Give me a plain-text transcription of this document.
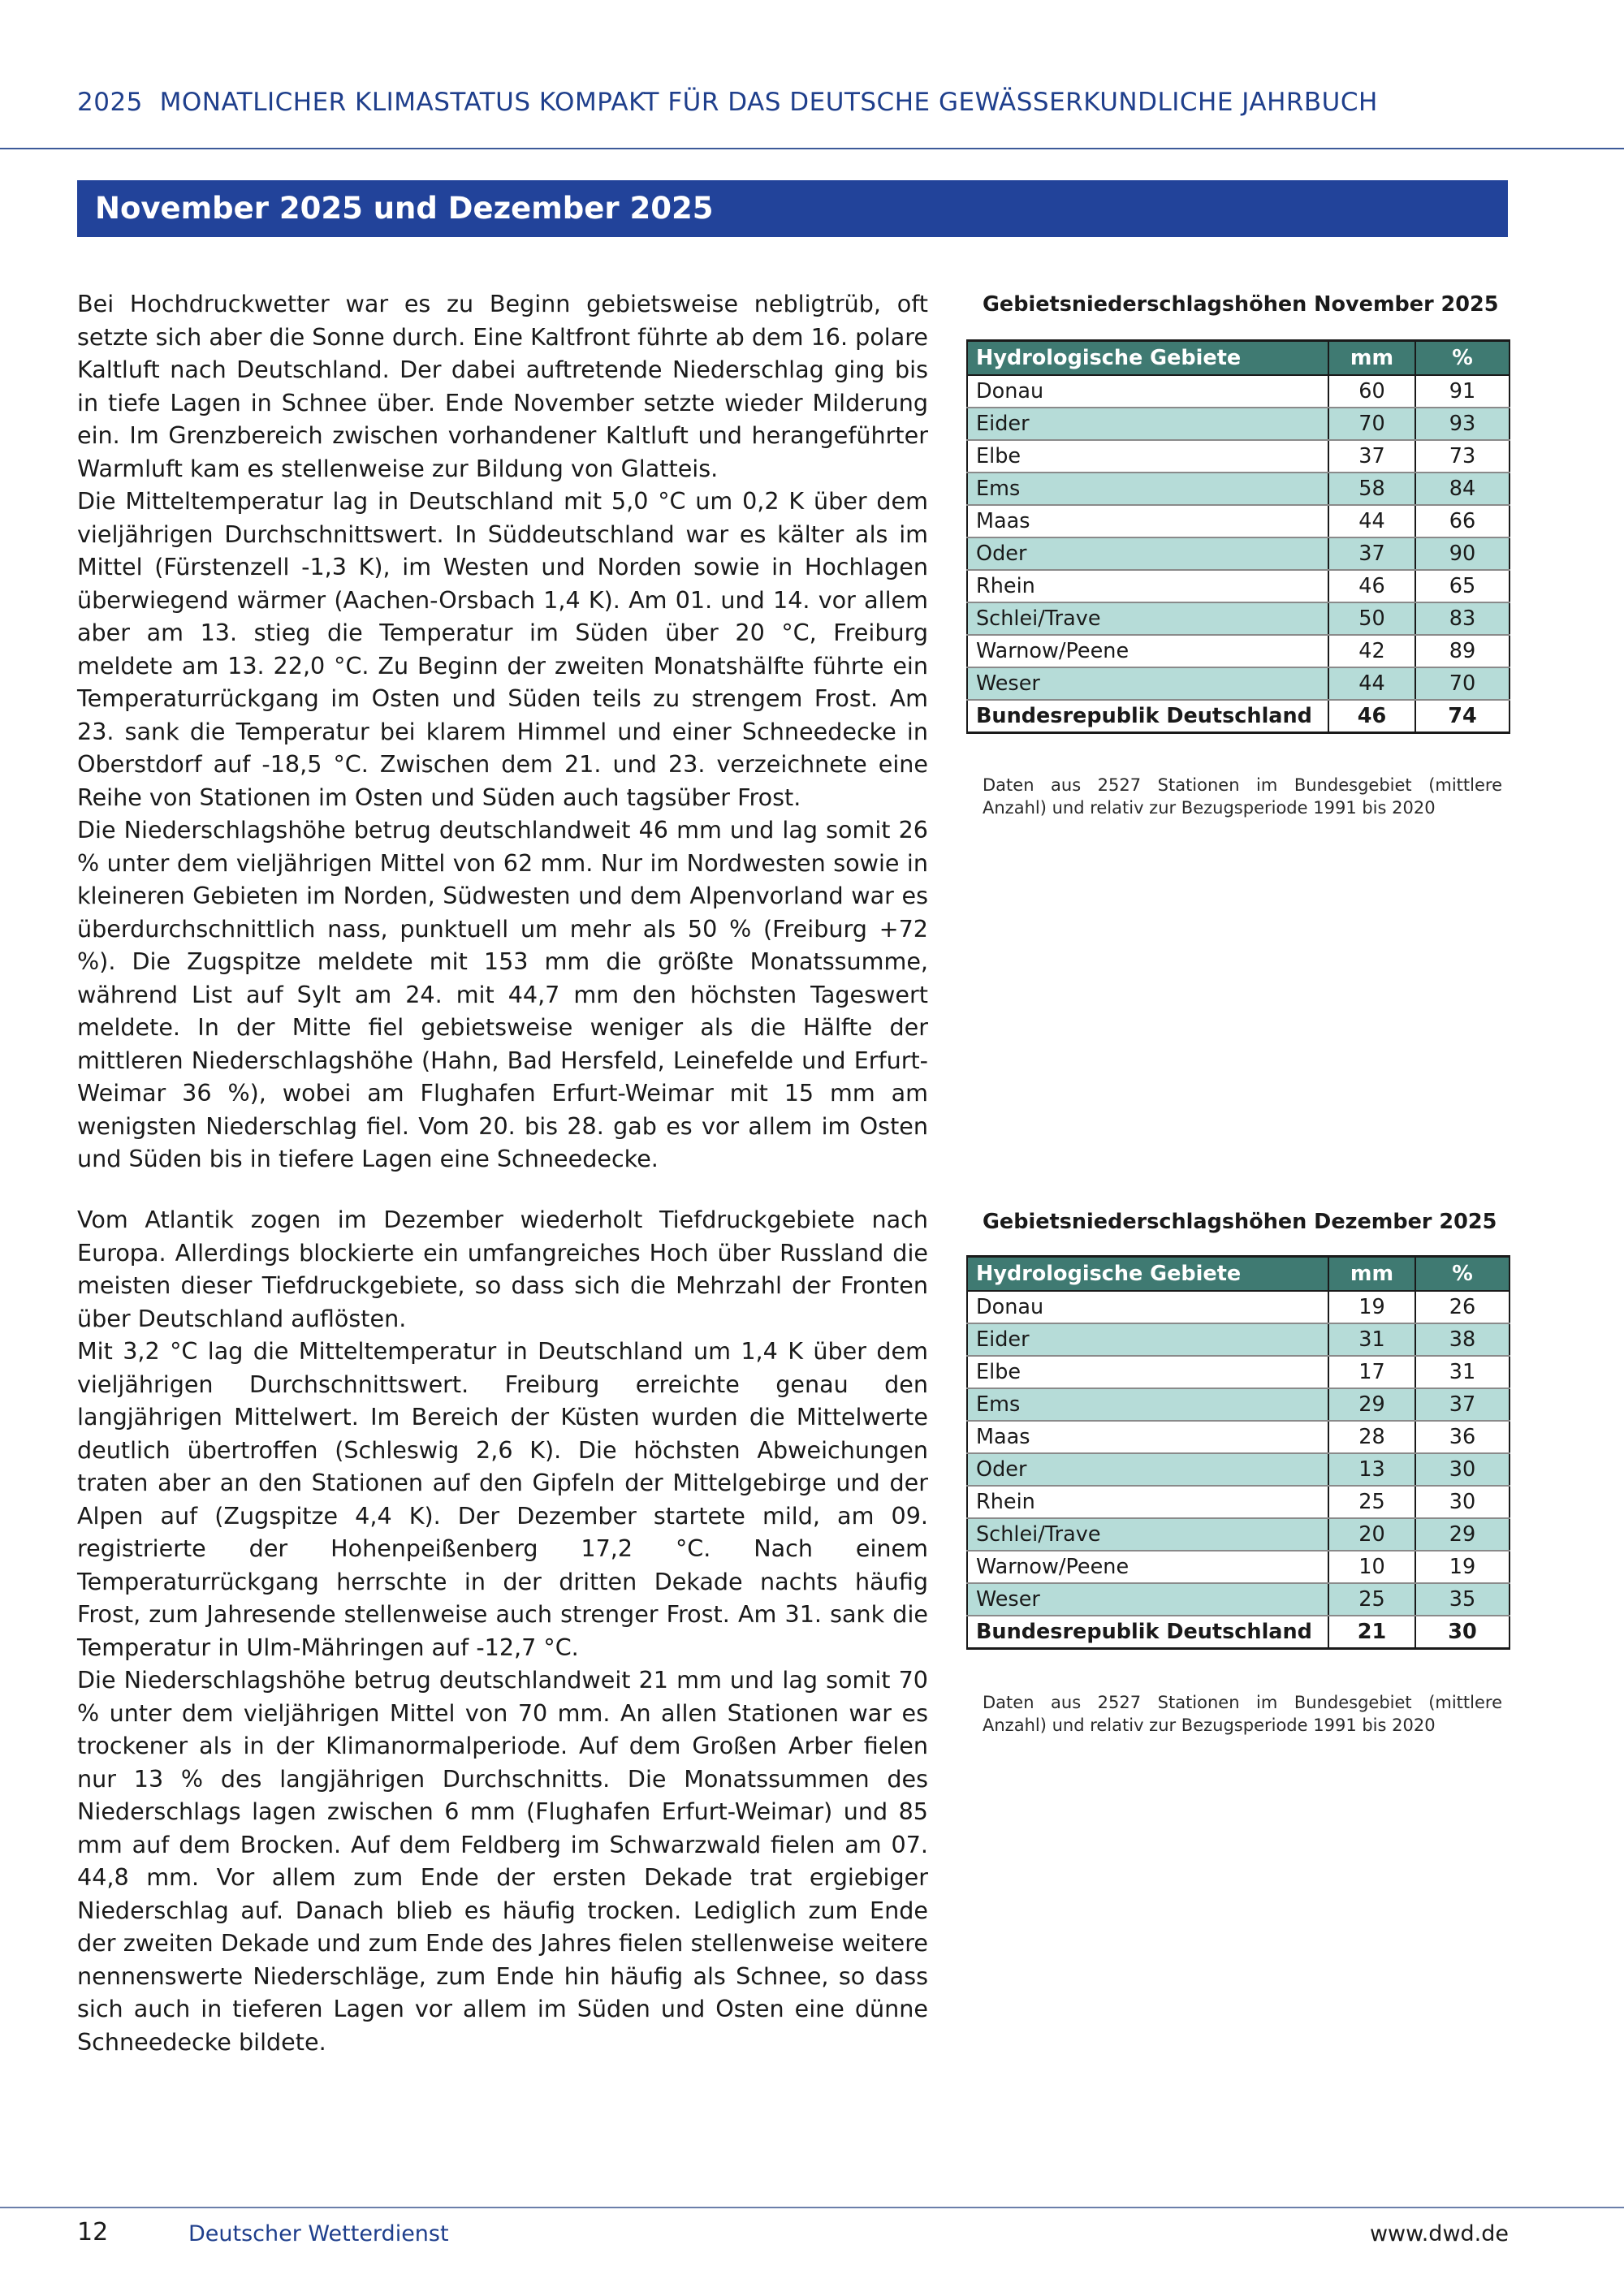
2025 MONATLICHER KLIMASTATUS KOMPAKT FÜR DAS DEUTSCHE GEWÄSSERKUNDLICHE JAHRBUCH
November 2025 und Dezember 2025

Bei Hochdruckwetter war es zu Beginn gebietsweise nebligtrüb, oft setzte sich aber die Sonne durch. Eine Kaltfront führte ab dem 16. polare Kaltluft nach Deutschland. Der dabei auftretende Niederschlag ging bis in tiefe Lagen in Schnee über. Ende November setzte wieder Milderung ein. Im Grenzbereich zwischen vorhandener Kaltluft und herangeführter Warmluft kam es stellenweise zur Bildung von Glatteis.

Die Mitteltemperatur lag in Deutschland mit 5,0 °C um 0,2 K über dem vieljährigen Durchschnittswert. In Süddeutschland war es kälter als im Mittel (Fürstenzell -1,3 K), im Westen und Norden sowie in Hochlagen überwiegend wärmer (Aachen-Orsbach 1,4 K). Am 01. und 14. vor allem aber am 13. stieg die Temperatur im Süden über 20 °C, Freiburg meldete am 13. 22,0 °C. Zu Beginn der zweiten Monatshälfte führte ein Temperaturrückgang im Osten und Süden teils zu strengem Frost. Am 23. sank die Temperatur bei klarem Himmel und einer Schneedecke in Oberstdorf auf -18,5 °C. Zwischen dem 21. und 23. verzeichnete eine Reihe von Stationen im Osten und Süden auch tagsüber Frost.

Die Niederschlagshöhe betrug deutschlandweit 46 mm und lag somit 26 % unter dem vieljährigen Mittel von 62 mm. Nur im Nordwesten sowie in kleineren Gebieten im Norden, Südwesten und dem Alpenvorland war es überdurchschnittlich nass, punktuell um mehr als 50 % (Freiburg +72 %). Die Zugspitze meldete mit 153 mm die größte Monatssumme, während List auf Sylt am 24. mit 44,7 mm den höchsten Tageswert meldete. In der Mitte fiel gebietsweise weniger als die Hälfte der mittleren Niederschlagshöhe (Hahn, Bad Hersfeld, Leinefelde und Erfurt-Weimar 36 %), wobei am Flughafen Erfurt-Weimar mit 15 mm am wenigsten Niederschlag fiel. Vom 20. bis 28. gab es vor allem im Osten und Süden bis in tiefere Lagen eine Schneedecke.

Gebietsniederschlagshöhen November 2025
Hydrologische Gebiete	mm	%
Donau	60	91
Eider	70	93
Elbe	37	73
Ems	58	84
Maas	44	66
Oder	37	90
Rhein	46	65
Schlei/Trave	50	83
Warnow/Peene	42	89
Weser	44	70
Bundesrepublik Deutschland	46	74
Daten aus 2527 Stationen im Bundesgebiet (mittlere Anzahl) und relativ zur Bezugsperiode 1991 bis 2020

Vom Atlantik zogen im Dezember wiederholt Tiefdruckgebiete nach Europa. Allerdings blockierte ein umfangreiches Hoch über Russland die meisten dieser Tiefdruckgebiete, so dass sich die Mehrzahl der Fronten über Deutschland auflösten.

Mit 3,2 °C lag die Mitteltemperatur in Deutschland um 1,4 K über dem vieljährigen Durchschnittswert. Freiburg erreichte genau den langjährigen Mittelwert. Im Bereich der Küsten wurden die Mittelwerte deutlich übertroffen (Schleswig 2,6 K). Die höchsten Abweichungen traten aber an den Stationen auf den Gipfeln der Mittelgebirge und der Alpen auf (Zugspitze 4,4 K). Der Dezember startete mild, am 09. registrierte der Hohenpeißenberg 17,2 °C. Nach einem Temperaturrückgang herrschte in der dritten Dekade nachts häufig Frost, zum Jahresende stellenweise auch strenger Frost. Am 31. sank die Temperatur in Ulm-Mähringen auf -12,7 °C.

Die Niederschlagshöhe betrug deutschlandweit 21 mm und lag somit 70 % unter dem vieljährigen Mittel von 70 mm. An allen Stationen war es trockener als in der Klimanormalperiode. Auf dem Großen Arber fielen nur 13 % des langjährigen Durchschnitts. Die Monatssummen des Niederschlags lagen zwischen 6 mm (Flughafen Erfurt-Weimar) und 85 mm auf dem Brocken. Auf dem Feldberg im Schwarzwald fielen am 07. 44,8 mm. Vor allem zum Ende der ersten Dekade trat ergiebiger Niederschlag auf. Danach blieb es häufig trocken. Lediglich zum Ende der zweiten Dekade und zum Ende des Jahres fielen stellenweise weitere nennenswerte Niederschläge, zum Ende hin häufig als Schnee, so dass sich auch in tieferen Lagen vor allem im Süden und Osten eine dünne Schneedecke bildete.

Gebietsniederschlagshöhen Dezember 2025
Hydrologische Gebiete	mm	%
Donau	19	26
Eider	31	38
Elbe	17	31
Ems	29	37
Maas	28	36
Oder	13	30
Rhein	25	30
Schlei/Trave	20	29
Warnow/Peene	10	19
Weser	25	35
Bundesrepublik Deutschland	21	30
Daten aus 2527 Stationen im Bundesgebiet (mittlere Anzahl) und relativ zur Bezugsperiode 1991 bis 2020
12	Deutscher Wetterdienst	www.dwd.de
